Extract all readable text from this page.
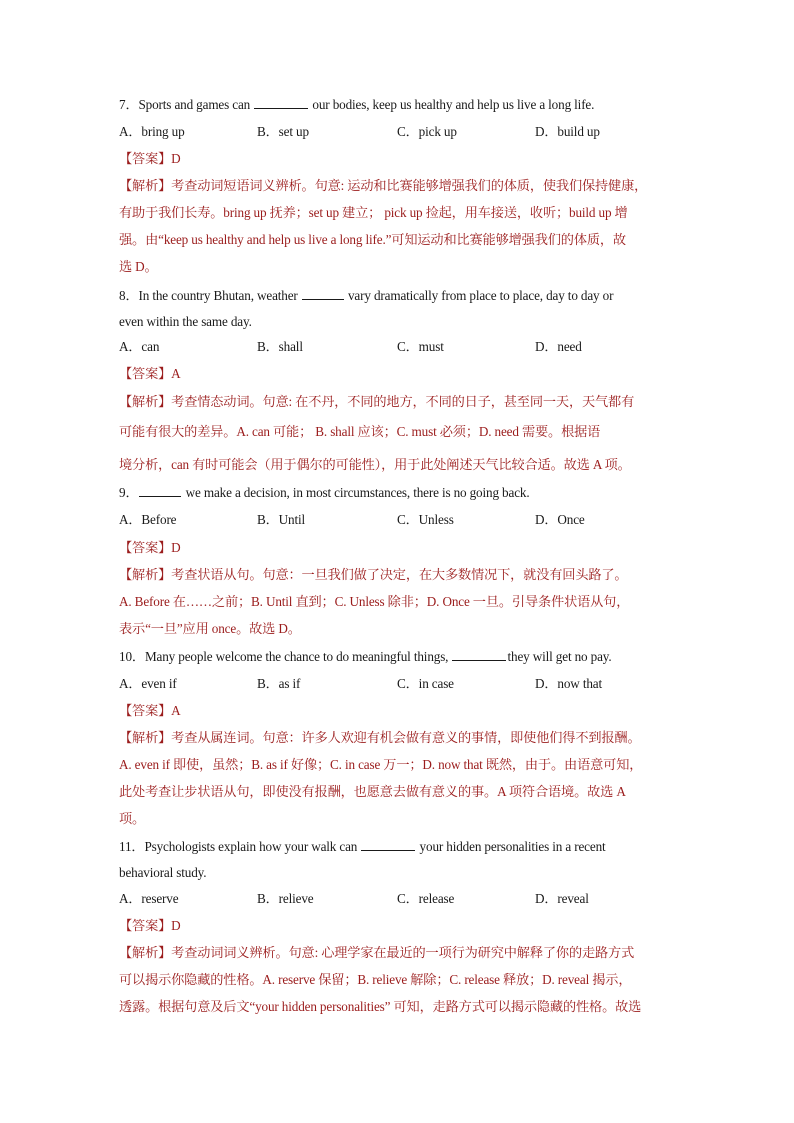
7．Sports and games can	our bodies, keep us healthy and help us live a long life.
A．bring up	B．set up	C．pick up	D．build up
【答案】D
【解析】考查动词短语词义辨析。句意: 运动和比赛能够增强我们的体质，使我们保持健康，
有助于我们长寿。bring up 抚养；set up 建立； pick up 捡起，用车接送，收听；build up 增
强。由“keep us healthy and help us live a long life.”可知运动和比赛能够增强我们的体质，故
选 D。
8．In the country Bhutan, weather	vary dramatically from place to place, day to day or
even within the same day.
A．can	B．shall	C．must	D．need
【答案】A
【解析】考查情态动词。句意: 在不丹，不同的地方，不同的日子，甚至同一天，天气都有
可能有很大的差异。A. can 可能； B. shall 应该；C. must 必须；D. need 需要。根据语
境分析，can 有时可能会（用于偶尔的可能性），用于此处阐述天气比较合适。故选 A 项。
9．	we make a decision, in most circumstances, there is no going back.
A．Before	B．Until	C．Unless	D．Once
【答案】D
【解析】考查状语从句。句意：一旦我们做了决定，在大多数情况下，就没有回头路了。
A. Before 在……之前；B. Until 直到；C. Unless 除非；D. Once 一旦。引导条件状语从句，
表示“一旦”应用 once。故选 D。
10．Many people welcome the chance to do meaningful things,	they will get no pay.
A．even if	B．as if	C．in case	D．now that
【答案】A
【解析】考查从属连词。句意：许多人欢迎有机会做有意义的事情，即使他们得不到报酬。
A. even if 即使，虽然；B. as if 好像；C. in case 万一；D. now that 既然，由于。由语意可知，
此处考查让步状语从句，即使没有报酬，也愿意去做有意义的事。A 项符合语境。故选 A
项。
11．Psychologists explain how your walk can	your hidden personalities in a recent
behavioral study.
A．reserve	B．relieve	C．release	D．reveal
【答案】D
【解析】考查动词词义辨析。句意: 心理学家在最近的一项行为研究中解释了你的走路方式
可以揭示你隐藏的性格。A. reserve 保留；B. relieve 解除；C. release 释放；D. reveal 揭示，
透露。根据句意及后文“your hidden personalities” 可知，走路方式可以揭示隐藏的性格。故选
